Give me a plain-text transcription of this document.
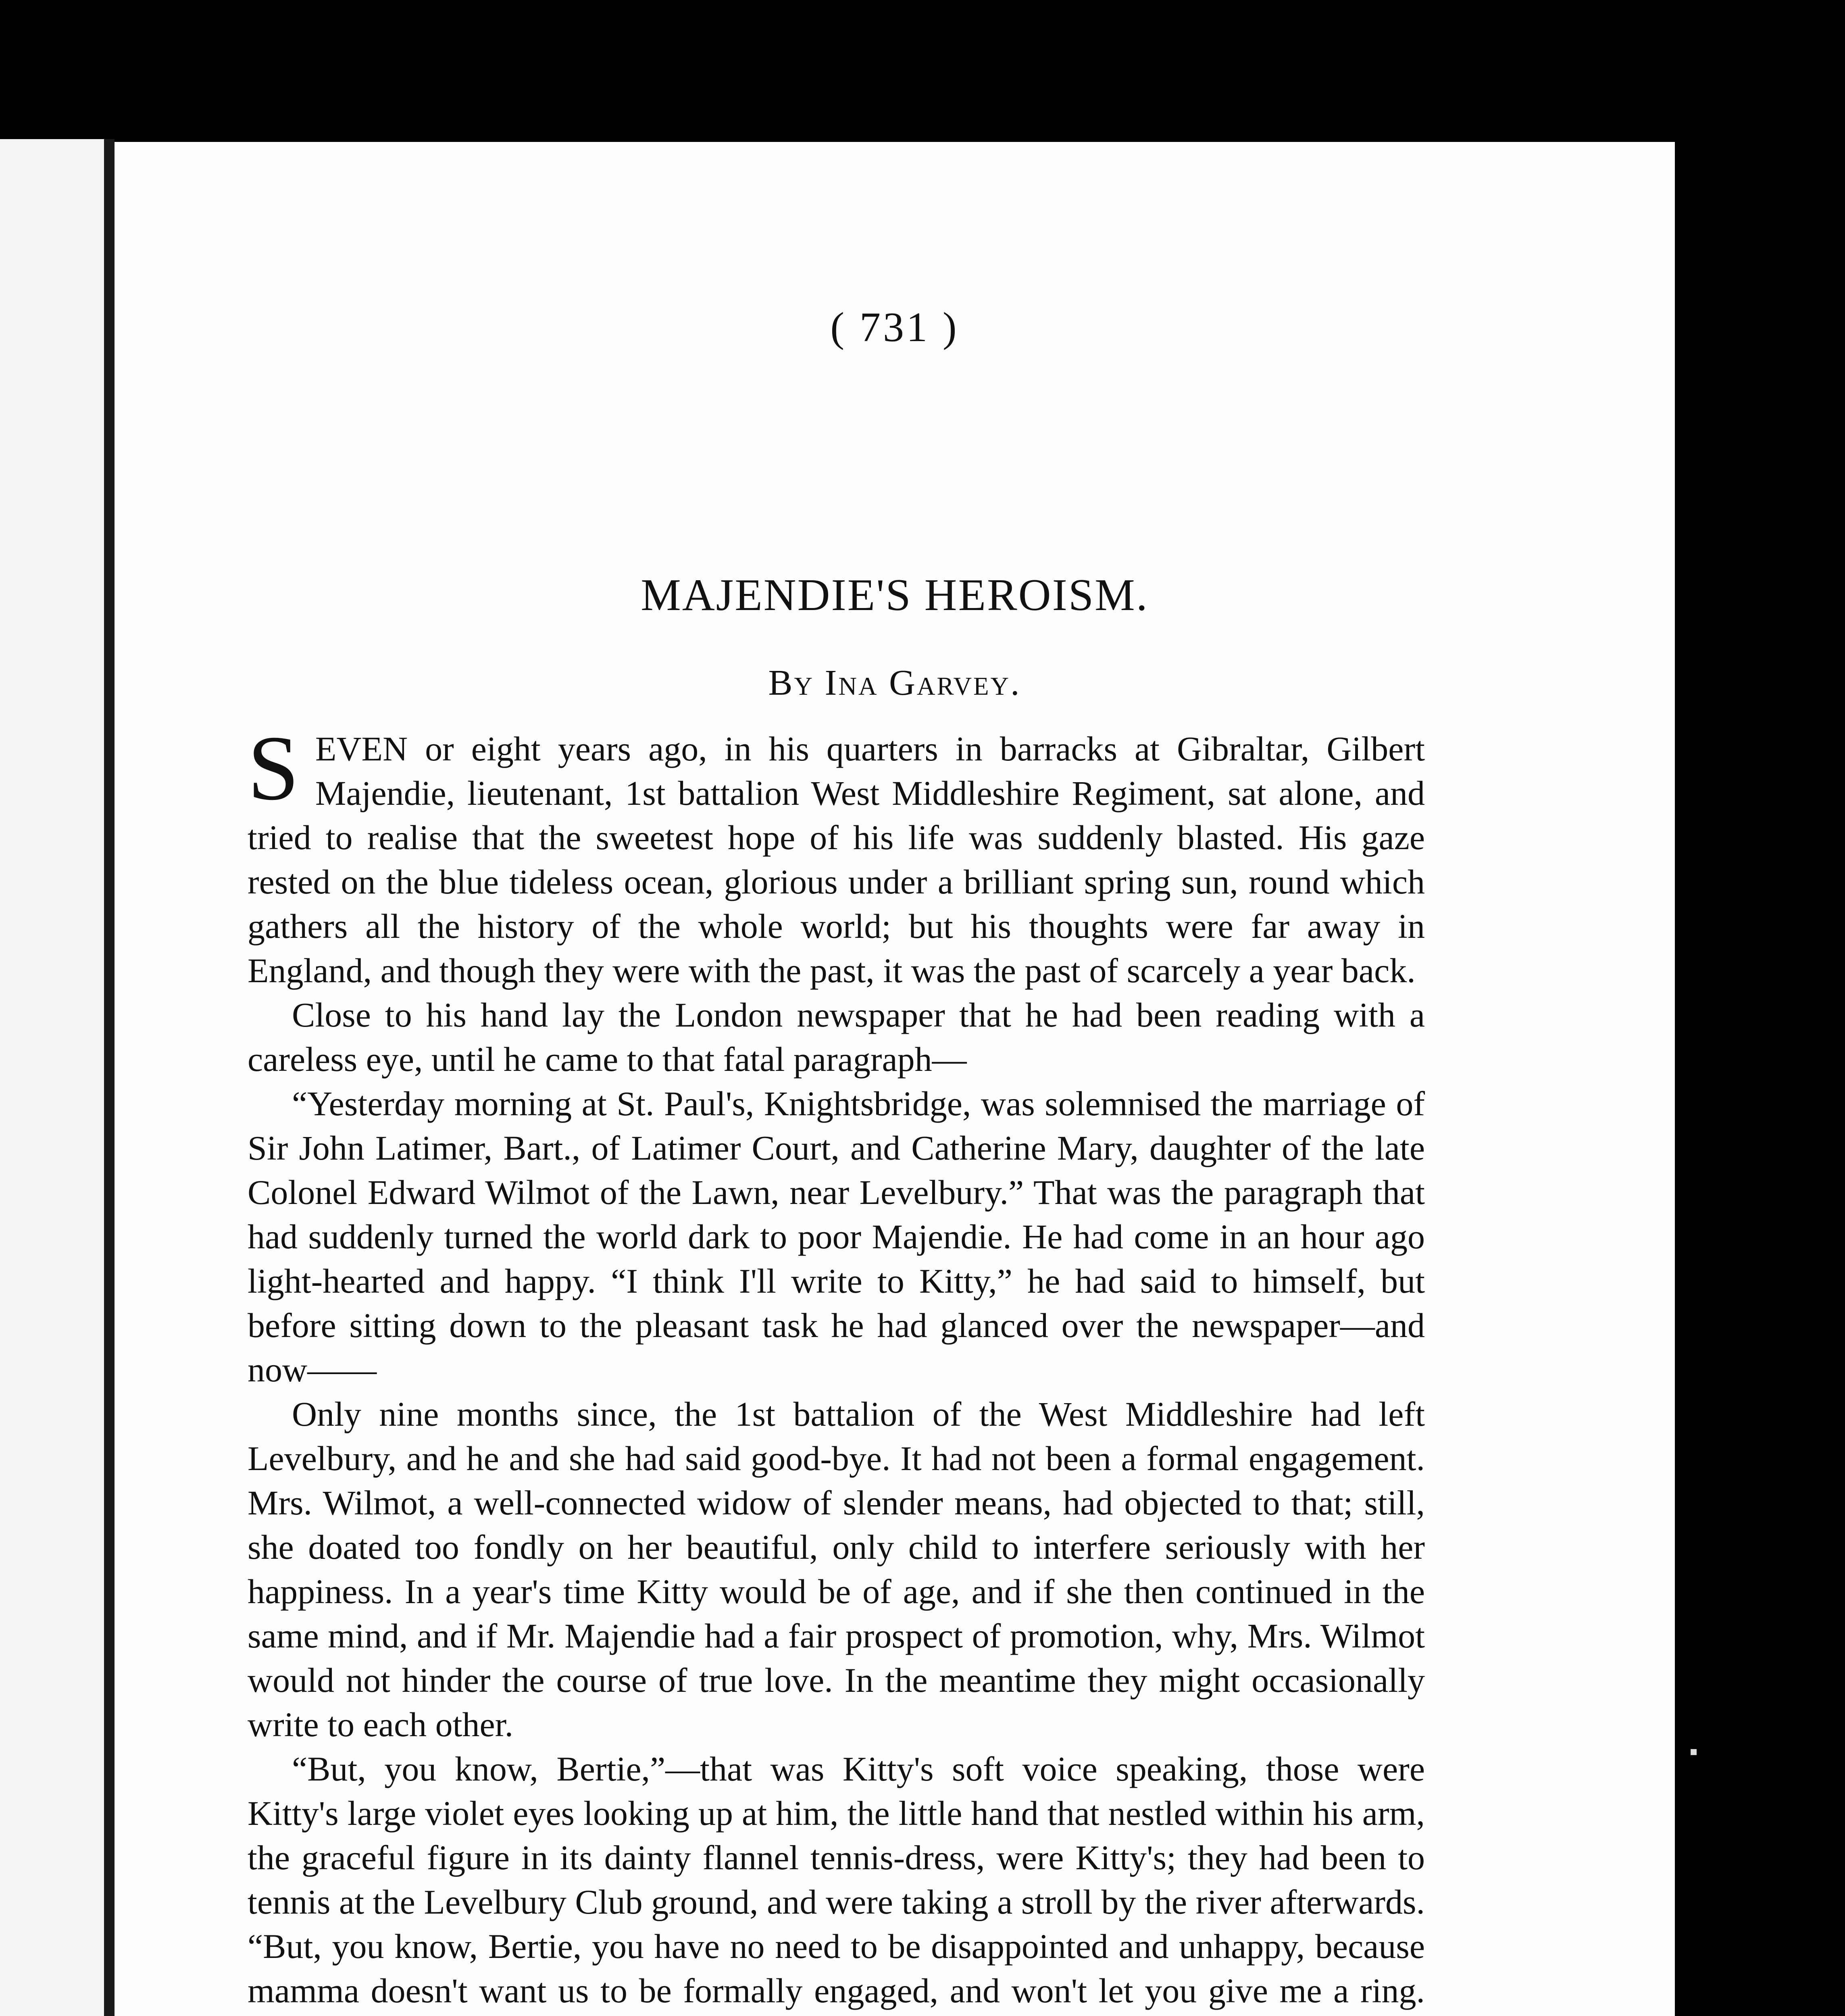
( 731 )
MAJENDIE'S HEROISM.
By Ina Garvey.

SEVEN or eight years ago, in his quarters in barracks at Gibraltar, Gilbert Majendie, lieutenant, 1st battalion West Middleshire Regiment, sat alone, and tried to realise that the sweetest hope of his life was suddenly blasted. His gaze rested on the blue tideless ocean, glorious under a brilliant spring sun, round which gathers all the history of the whole world; but his thoughts were far away in England, and though they were with the past, it was the past of scarcely a year back.

Close to his hand lay the London newspaper that he had been reading with a careless eye, until he came to that fatal paragraph—

“Yesterday morning at St. Paul's, Knightsbridge, was solemnised the marriage of Sir John Latimer, Bart., of Latimer Court, and Catherine Mary, daughter of the late Colonel Edward Wilmot of the Lawn, near Levelbury.” That was the paragraph that had suddenly turned the world dark to poor Majendie. He had come in an hour ago light-hearted and happy. “I think I'll write to Kitty,” he had said to himself, but before sitting down to the pleasant task he had glanced over the newspaper—and now——

Only nine months since, the 1st battalion of the West Middleshire had left Levelbury, and he and she had said good-bye. It had not been a formal engagement. Mrs. Wilmot, a well-connected widow of slender means, had objected to that; still, she doated too fondly on her beautiful, only child to interfere seriously with her happiness. In a year's time Kitty would be of age, and if she then continued in the same mind, and if Mr. Majendie had a fair prospect of promotion, why, Mrs. Wilmot would not hinder the course of true love. In the meantime they might occasionally write to each other.

“But, you know, Bertie,”—that was Kitty's soft voice speaking, those were Kitty's large violet eyes looking up at him, the little hand that nestled within his arm, the graceful figure in its dainty flannel tennis-dress, were Kitty's; they had been to tennis at the Levelbury Club ground, and were taking a stroll by the river afterwards. “But, you know, Bertie, you have no need to be disappointed and unhappy, because mamma doesn't want us to be formally engaged, and won't let you give me a ring.

▪
